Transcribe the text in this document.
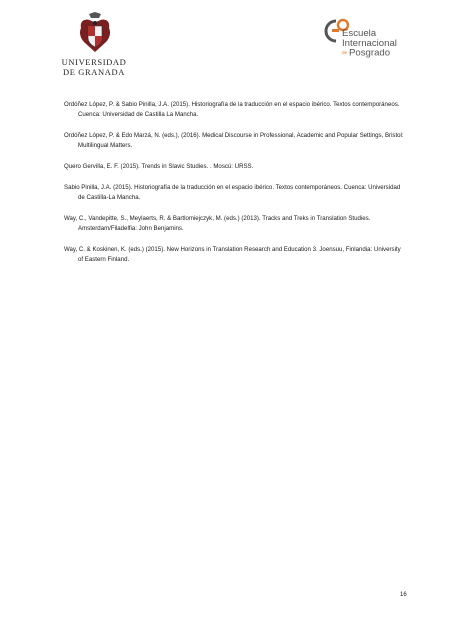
UNIVERSIDAD
DE GRANADA
Escuela
Internacional
de Posgrado

Ordóñez López, P. & Sabio Pinilla, J.A. (2015). Historiografía de la traducción en el espacio ibérico. Textos contemporáneos. Cuenca: Universidad de Castilla La Mancha.

Ordóñez López, P. & Edo Marzá, N. (eds.), (2016). Medical Discourse in Professional, Academic and Popular Settings, Bristol: Multilingual Matters.

Quero Gervilla, E. F. (2015). Trends in Slavic Studies. . Moscú: URSS.

Sabio Pinilla, J.A. (2015). Historiografía de la traducción en el espacio ibérico. Textos contemporáneos. Cuenca: Universidad de Castilla-La Mancha.

Way, C., Vandepitte, S., Meylaerts, R. & Bartlomiejczyk, M. (eds.) (2013). Tracks and Treks in Translation Studies. Amsterdam/Filadelfia: John Benjamins.

Way, C. & Koskinen, K. (eds.) (2015). New Horizons in Translation Research and Education 3. Joensuu, Finlandia: University of Eastern Finland.

16
